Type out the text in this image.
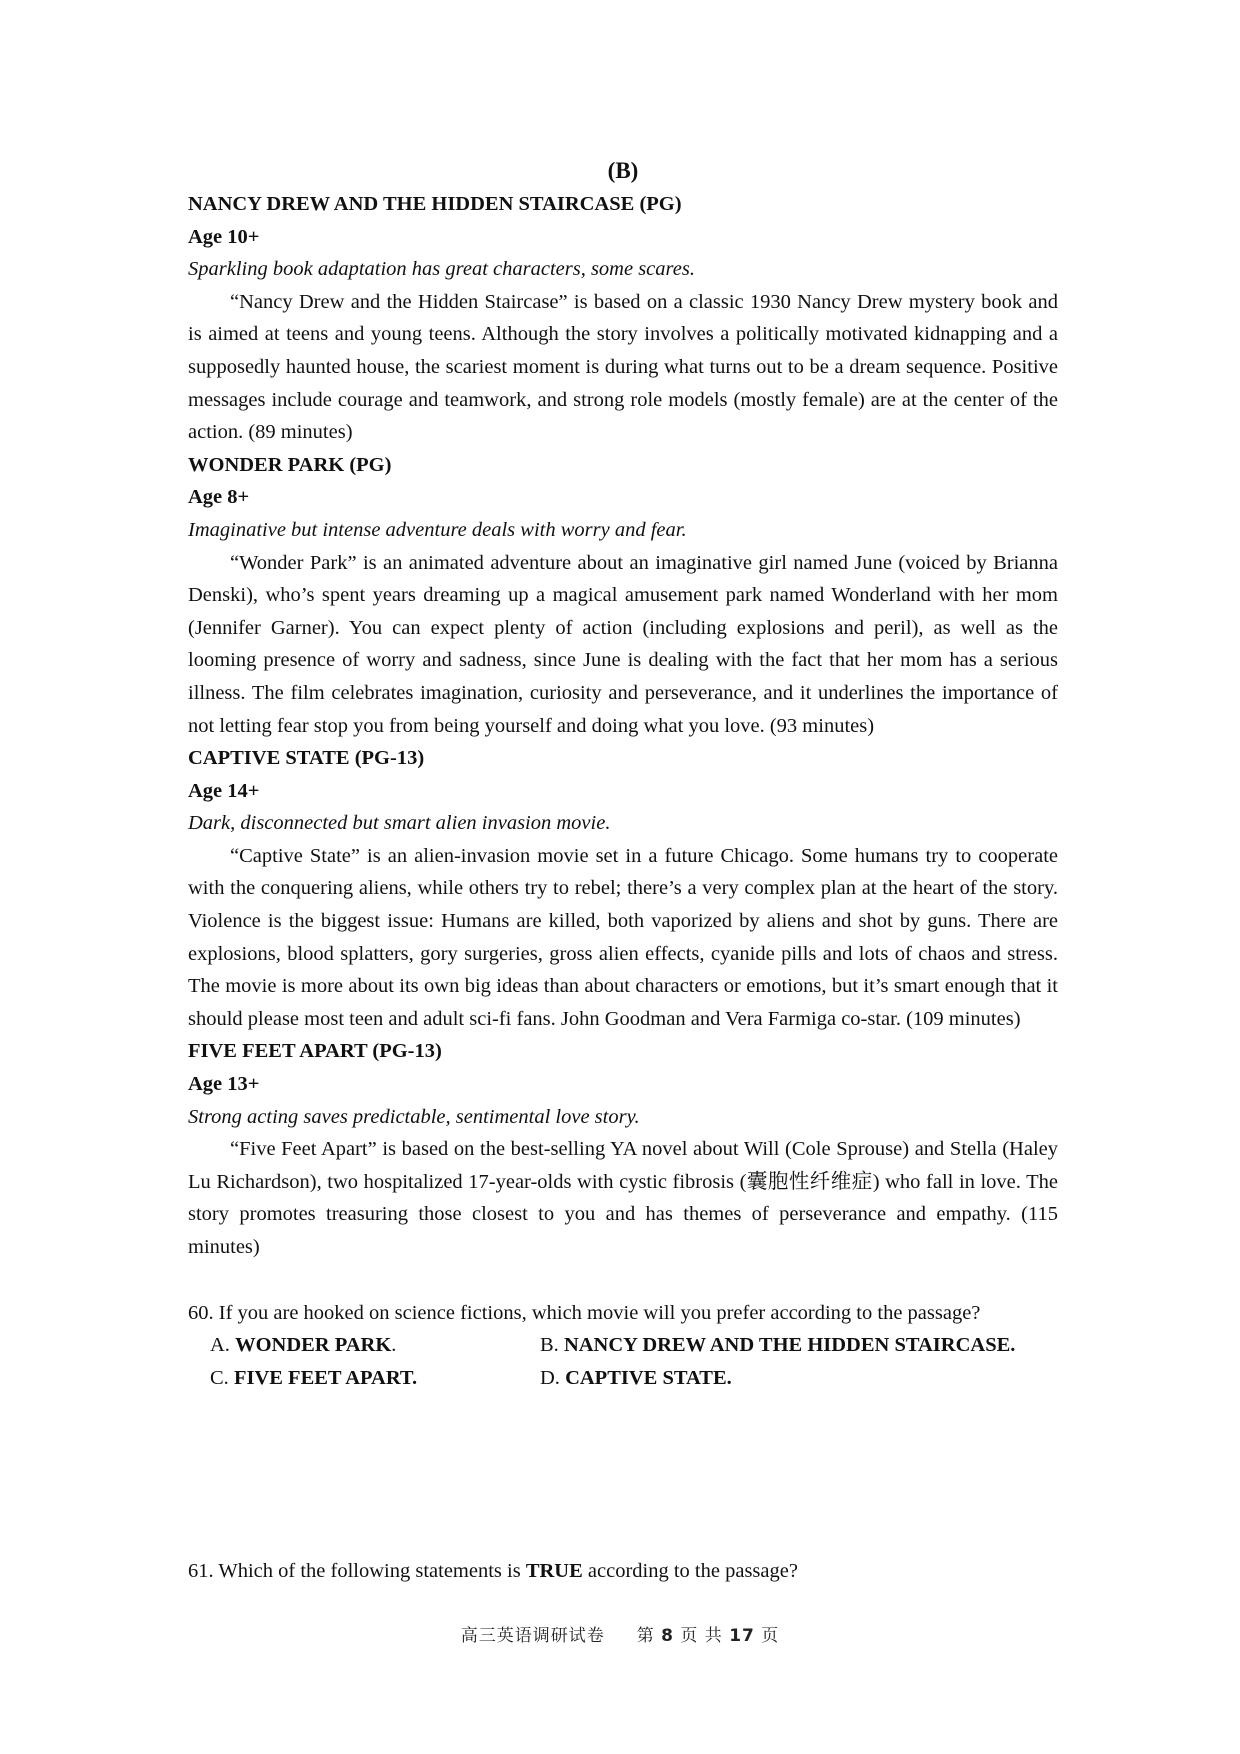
(B)

NANCY DREW AND THE HIDDEN STAIRCASE (PG)

Age 10+

Sparkling book adaptation has great characters, some scares.

“Nancy Drew and the Hidden Staircase” is based on a classic 1930 Nancy Drew mystery book and is aimed at teens and young teens. Although the story involves a politically motivated kidnapping and a supposedly haunted house, the scariest moment is during what turns out to be a dream sequence. Positive messages include courage and teamwork, and strong role models (mostly female) are at the center of the action. (89 minutes)

WONDER PARK (PG)

Age 8+

Imaginative but intense adventure deals with worry and fear.

“Wonder Park” is an animated adventure about an imaginative girl named June (voiced by Brianna Denski), who’s spent years dreaming up a magical amusement park named Wonderland with her mom (Jennifer Garner). You can expect plenty of action (including explosions and peril), as well as the looming presence of worry and sadness, since June is dealing with the fact that her mom has a serious illness. The film celebrates imagination, curiosity and perseverance, and it underlines the importance of not letting fear stop you from being yourself and doing what you love. (93 minutes)

CAPTIVE STATE (PG-13)

Age 14+

Dark, disconnected but smart alien invasion movie.

“Captive State” is an alien-invasion movie set in a future Chicago. Some humans try to cooperate with the conquering aliens, while others try to rebel; there’s a very complex plan at the heart of the story. Violence is the biggest issue: Humans are killed, both vaporized by aliens and shot by guns. There are explosions, blood splatters, gory surgeries, gross alien effects, cyanide pills and lots of chaos and stress. The movie is more about its own big ideas than about characters or emotions, but it’s smart enough that it should please most teen and adult sci-fi fans. John Goodman and Vera Farmiga co-star. (109 minutes)

FIVE FEET APART (PG-13)

Age 13+

Strong acting saves predictable, sentimental love story.

“Five Feet Apart” is based on the best-selling YA novel about Will (Cole Sprouse) and Stella (Haley Lu Richardson), two hospitalized 17-year-olds with cystic fibrosis (囊胞性纤维症) who fall in love. The story promotes treasuring those closest to you and has themes of perseverance and empathy. (115 minutes)

60. If you are hooked on science fictions, which movie will you prefer according to the passage?

A. WONDER PARK.	B. NANCY DREW AND THE HIDDEN STAIRCASE.
C. FIVE FEET APART.	D. CAPTIVE STATE.

61. Which of the following statements is TRUE according to the passage?

高三英语调研试卷 第 8 页 共 17 页
